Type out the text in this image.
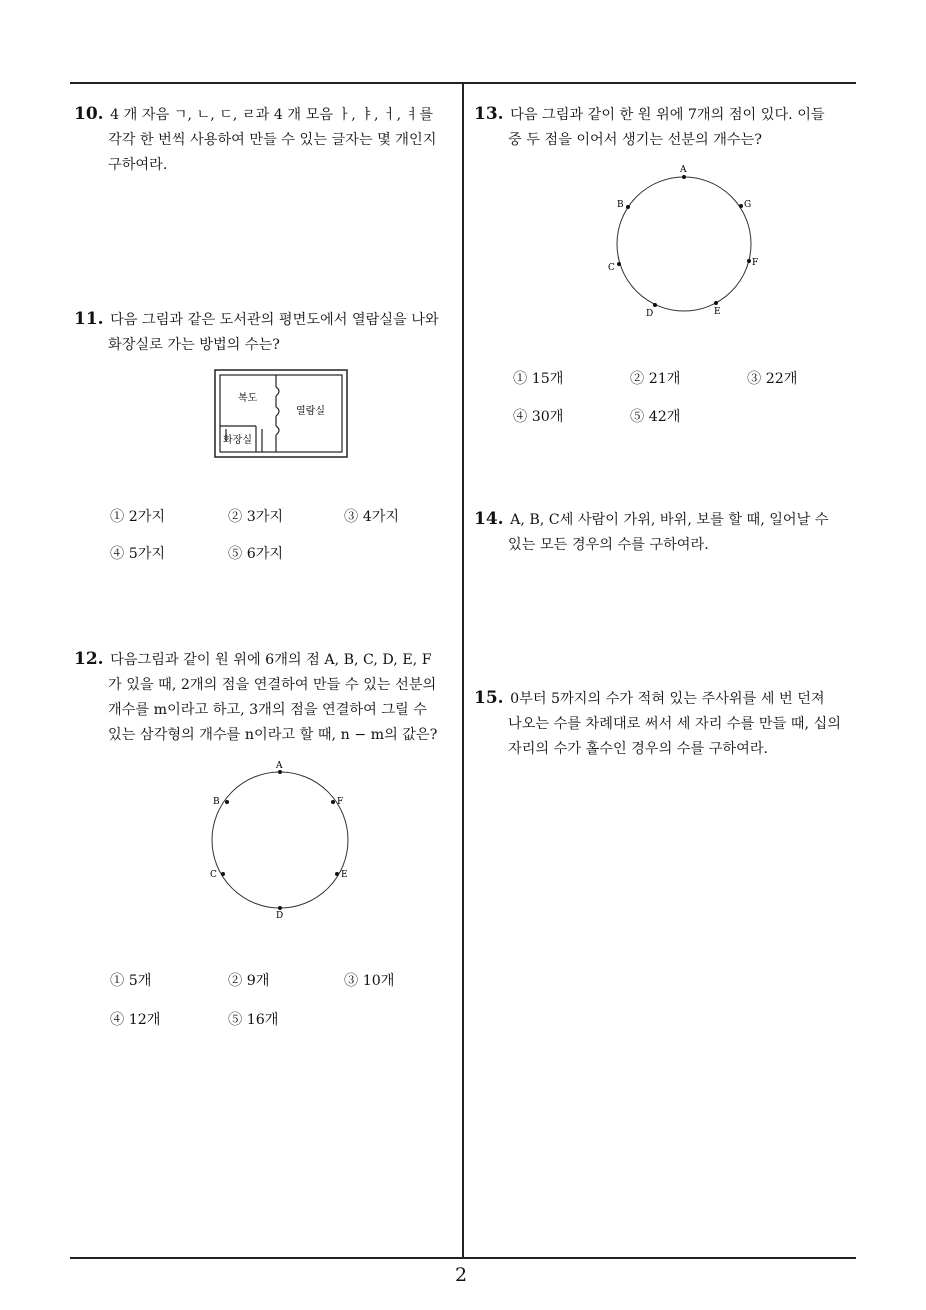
10. 4 개 자음 ㄱ, ㄴ, ㄷ, ㄹ과 4 개 모음 ㅏ, ㅑ, ㅓ, ㅕ를
각각 한 번씩 사용하여 만들 수 있는 글자는 몇 개인지
구하여라.
11. 다음 그림과 같은 도서관의 평면도에서 열람실을 나와
화장실로 가는 방법의 수는?
복도
열람실
화장실
① 2가지	② 3가지	③ 4가지
④ 5가지	⑤ 6가지
12. 다음그림과 같이 원 위에 6개의 점 A, B, C, D, E, F
가 있을 때, 2개의 점을 연결하여 만들 수 있는 선분의
개수를 m이라고 하고, 3개의 점을 연결하여 그릴 수
있는 삼각형의 개수를 n이라고 할 때, n − m의 값은?
A
B	F
C	E
D
① 5개	② 9개	③ 10개
④ 12개	⑤ 16개
13. 다음 그림과 같이 한 원 위에 7개의 점이 있다. 이들
중 두 점을 이어서 생기는 선분의 개수는?
A
B	G
C	F
D	E
① 15개	② 21개	③ 22개
④ 30개	⑤ 42개
14. A, B, C세 사람이 가위, 바위, 보를 할 때, 일어날 수
있는 모든 경우의 수를 구하여라.
15. 0부터 5까지의 수가 적혀 있는 주사위를 세 번 던져
나오는 수를 차례대로 써서 세 자리 수를 만들 때, 십의
자리의 수가 홀수인 경우의 수를 구하여라.
2
